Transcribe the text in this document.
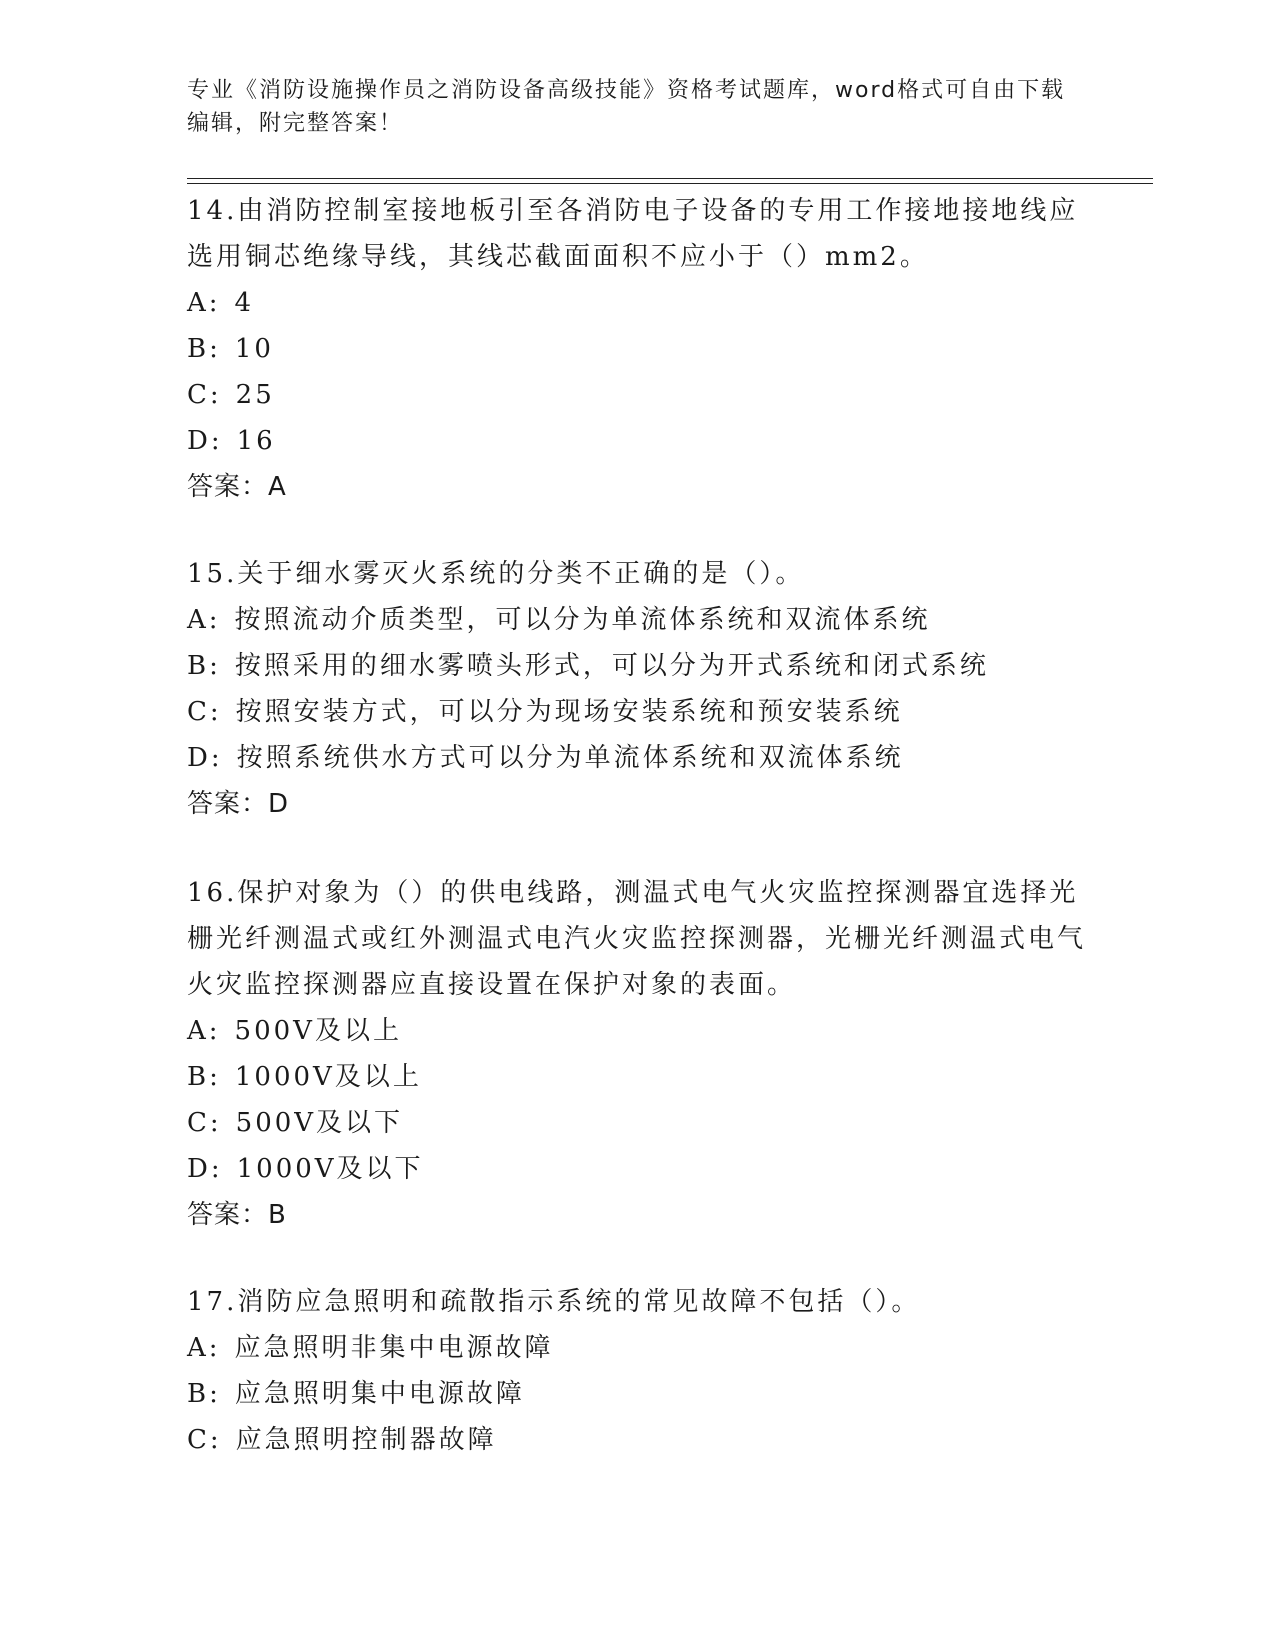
专业《消防设施操作员之消防设备高级技能》资格考试题库，word格式可自由下载编辑，附完整答案！

14.由消防控制室接地板引至各消防电子设备的专用工作接地接地线应选用铜芯绝缘导线，其线芯截面面积不应小于（）mm2。

A: 4

B: 10

C: 25

D: 16

答案：A

15.关于细水雾灭火系统的分类不正确的是（）。

A: 按照流动介质类型，可以分为单流体系统和双流体系统

B: 按照采用的细水雾喷头形式，可以分为开式系统和闭式系统

C: 按照安装方式，可以分为现场安装系统和预安装系统

D: 按照系统供水方式可以分为单流体系统和双流体系统

答案：D

16.保护对象为（）的供电线路，测温式电气火灾监控探测器宜选择光栅光纤测温式或红外测温式电汽火灾监控探测器，光栅光纤测温式电气火灾监控探测器应直接设置在保护对象的表面。

A: 500V及以上

B: 1000V及以上

C: 500V及以下

D: 1000V及以下

答案：B

17.消防应急照明和疏散指示系统的常见故障不包括（）。

A: 应急照明非集中电源故障

B: 应急照明集中电源故障

C: 应急照明控制器故障
